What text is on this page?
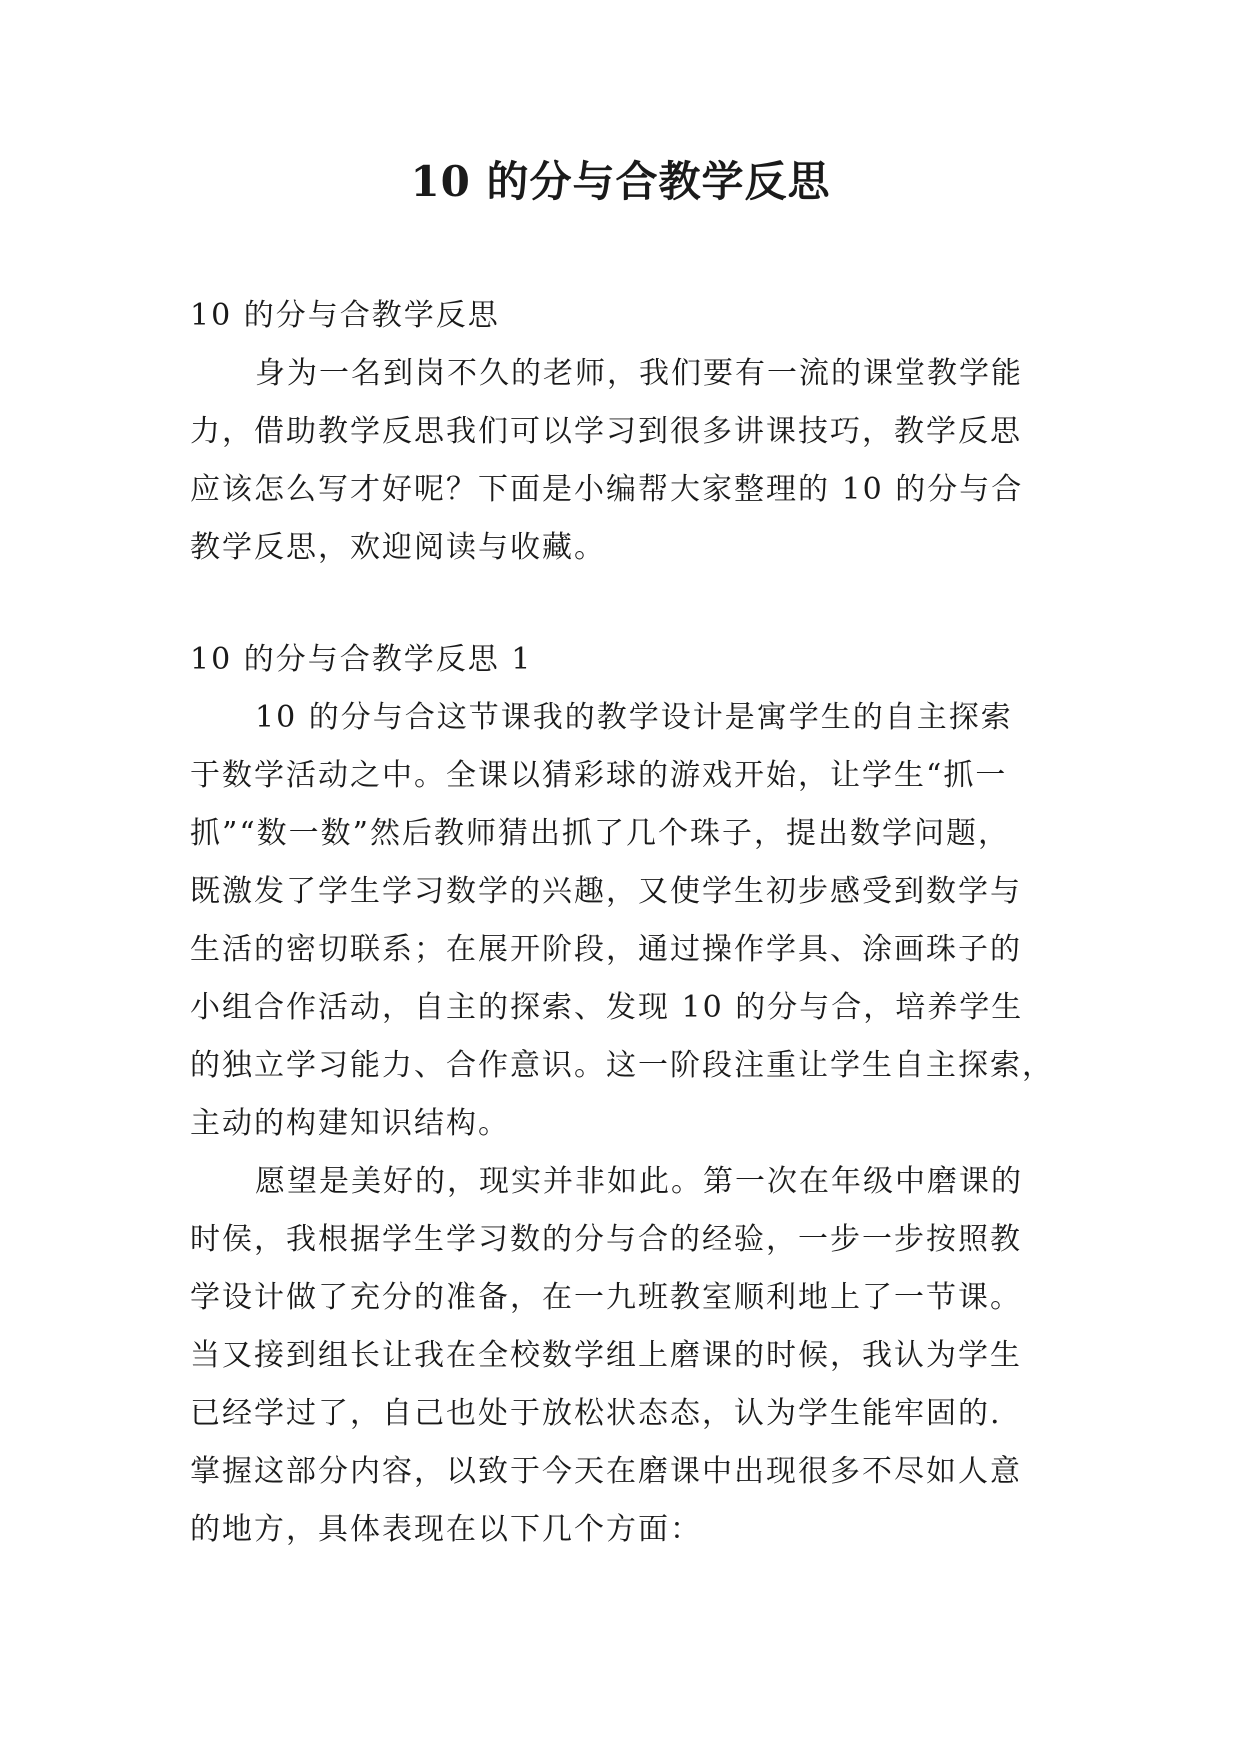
10 的分与合教学反思

10 的分与合教学反思

身为一名到岗不久的老师，我们要有一流的课堂教学能

力，借助教学反思我们可以学习到很多讲课技巧，教学反思

应该怎么写才好呢？下面是小编帮大家整理的 10 的分与合

教学反思，欢迎阅读与收藏。

10 的分与合教学反思 1

10 的分与合这节课我的教学设计是寓学生的自主探索

于数学活动之中。全课以猜彩球的游戏开始，让学生“抓一

抓”“数一数”然后教师猜出抓了几个珠子，提出数学问题，

既激发了学生学习数学的兴趣，又使学生初步感受到数学与

生活的密切联系；在展开阶段，通过操作学具、涂画珠子的

小组合作活动，自主的探索、发现 10 的分与合，培养学生

的独立学习能力、合作意识。这一阶段注重让学生自主探索，

主动的构建知识结构。

愿望是美好的，现实并非如此。第一次在年级中磨课的

时侯，我根据学生学习数的分与合的经验，一步一步按照教

学设计做了充分的准备，在一九班教室顺利地上了一节课。

当又接到组长让我在全校数学组上磨课的时候，我认为学生

已经学过了，自己也处于放松状态态，认为学生能牢固的.

掌握这部分内容，以致于今天在磨课中出现很多不尽如人意

的地方，具体表现在以下几个方面：
